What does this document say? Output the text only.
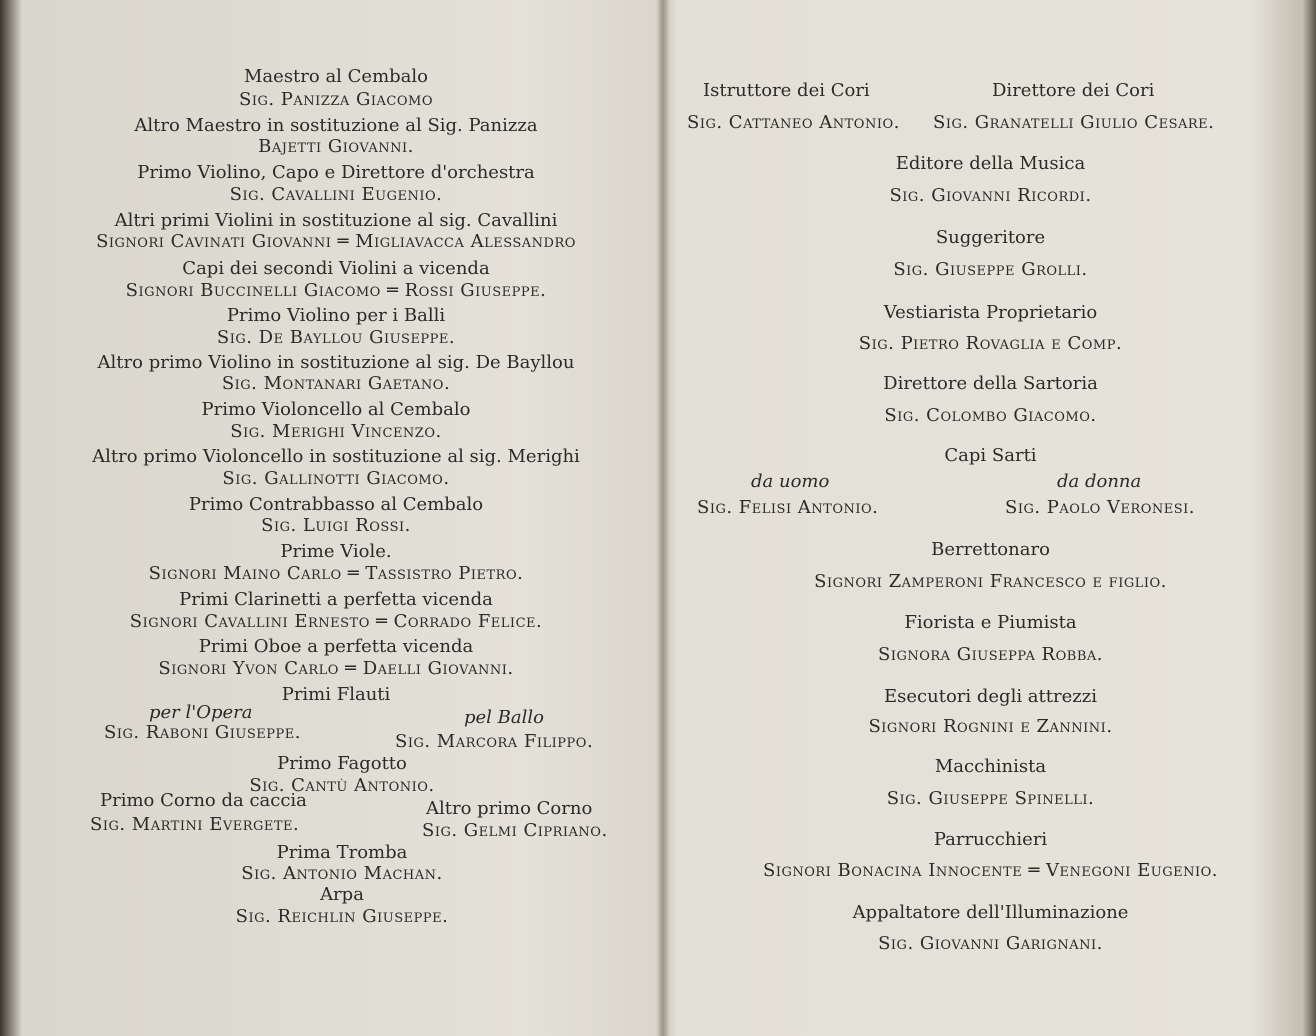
Maestro al Cembalo
Sig. Panizza Giacomo
Altro Maestro in sostituzione al Sig. Panizza
Bajetti Giovanni.
Primo Violino, Capo e Direttore d'orchestra
Sig. Cavallini Eugenio.
Altri primi Violini in sostituzione al sig. Cavallini
Signori Cavinati Giovanni ═ Migliavacca Alessandro
Capi dei secondi Violini a vicenda
Signori Buccinelli Giacomo ═ Rossi Giuseppe.
Primo Violino per i Balli
Sig. De Bayllou Giuseppe.
Altro primo Violino in sostituzione al sig. De Bayllou
Sig. Montanari Gaetano.
Primo Violoncello al Cembalo
Sig. Merighi Vincenzo.
Altro primo Violoncello in sostituzione al sig. Merighi
Sig. Gallinotti Giacomo.
Primo Contrabbasso al Cembalo
Sig. Luigi Rossi.
Prime Viole.
Signori Maino Carlo ═ Tassistro Pietro.
Primi Clarinetti a perfetta vicenda
Signori Cavallini Ernesto ═ Corrado Felice.
Primi Oboe a perfetta vicenda
Signori Yvon Carlo ═ Daelli Giovanni.
Primi Flauti
per l'Opera	pel Ballo
Sig. Raboni Giuseppe.	Sig. Marcora Filippo.
Primo Fagotto
Sig. Cantù Antonio.
Primo Corno da caccia	Altro primo Corno
Sig. Martini Evergete.	Sig. Gelmi Cipriano.
Prima Tromba
Sig. Antonio Machan.
Arpa
Sig. Reichlin Giuseppe.
Istruttore dei Cori	Direttore dei Cori
Sig. Cattaneo Antonio. Sig. Granatelli Giulio Cesare.
Editore della Musica
Sig. Giovanni Ricordi.
Suggeritore
Sig. Giuseppe Grolli.
Vestiarista Proprietario
Sig. Pietro Rovaglia e Comp.
Direttore della Sartoria
Sig. Colombo Giacomo.
Capi Sarti
da uomo	da donna
Sig. Felisi Antonio.	Sig. Paolo Veronesi.
Berrettonaro
Signori Zamperoni Francesco e figlio.
Fiorista e Piumista
Signora Giuseppa Robba.
Esecutori degli attrezzi
Signori Rognini e Zannini.
Macchinista
Sig. Giuseppe Spinelli.
Parrucchieri
Signori Bonacina Innocente ═ Venegoni Eugenio.
Appaltatore dell'Illuminazione
Sig. Giovanni Garignani.
